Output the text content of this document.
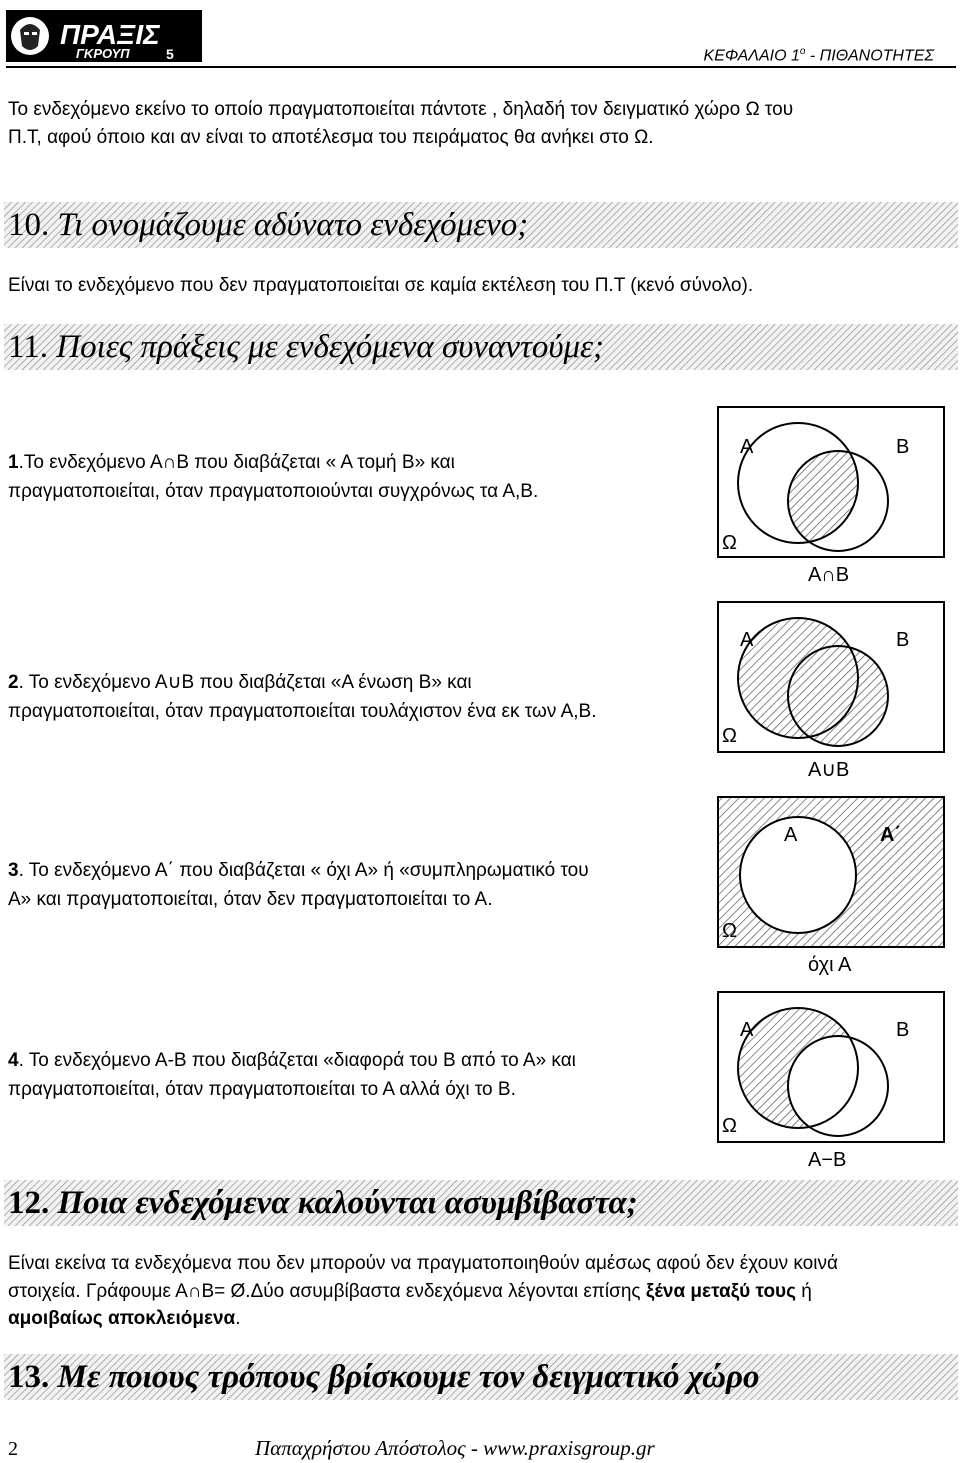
ΠΡΑΞΙΣ
ΓΚΡΟΥΠ	5	ΚΕΦΑΛΑΙΟ $1^o$ - ΠΙΘΑΝΟΤΗΤΕΣ
Το ενδεχόμενο εκείνο το οποίο πραγματοποιείται πάντοτε , δηλαδή τον δειγματικό χώρο Ω του
Π.Τ, αφού όποιο και αν είναι το αποτέλεσμα του πειράματος θα ανήκει στο Ω.
10. Τι ονομάζουμε αδύνατο ενδεχόμενο;
Είναι το ενδεχόμενο που δεν πραγματοποιείται σε καμία εκτέλεση του Π.Τ (κενό σύνολο).
11. Ποιες πράξεις με ενδεχόμενα συναντούμε;
1.Το ενδεχόμενο Α∩Β που διαβάζεται « Α τομή Β» και
πραγματοποιείται, όταν πραγματοποιούνται συγχρόνως τα Α,Β.
2. Το ενδεχόμενο Α∪Β που διαβάζεται «Α ένωση Β» και
πραγματοποιείται, όταν πραγματοποιείται τουλάχιστον ένα εκ των Α,Β.
3. Το ενδεχόμενο Α΄ που διαβάζεται « όχι Α» ή «συμπληρωματικό του
Α» και πραγματοποιείται, όταν δεν πραγματοποιείται το Α.
4. Το ενδεχόμενο Α-Β που διαβάζεται «διαφορά του Β από το Α» και
πραγματοποιείται, όταν πραγματοποιείται το Α αλλά όχι το Β.
A	B
Ω
A∩B
A	B
Ω
A∪B
A	A΄
Ω
όχι Α
A	B
Ω
A−B
12. Ποια ενδεχόμενα καλούνται ασυμβίβαστα;
Είναι εκείνα τα ενδεχόμενα που δεν μπορούν να πραγματοποιηθούν αμέσως αφού δεν έχουν κοινά
στοιχεία. Γράφουμε Α∩Β= Ø.Δύο ασυμβίβαστα ενδεχόμενα λέγονται επίσης ξένα μεταξύ τους ή
αμοιβαίως αποκλειόμενα.
13. Με ποιους τρόπους βρίσκουμε τον δειγματικό χώρο
2	Παπαχρήστου Απόστολος - www.praxisgroup.gr
